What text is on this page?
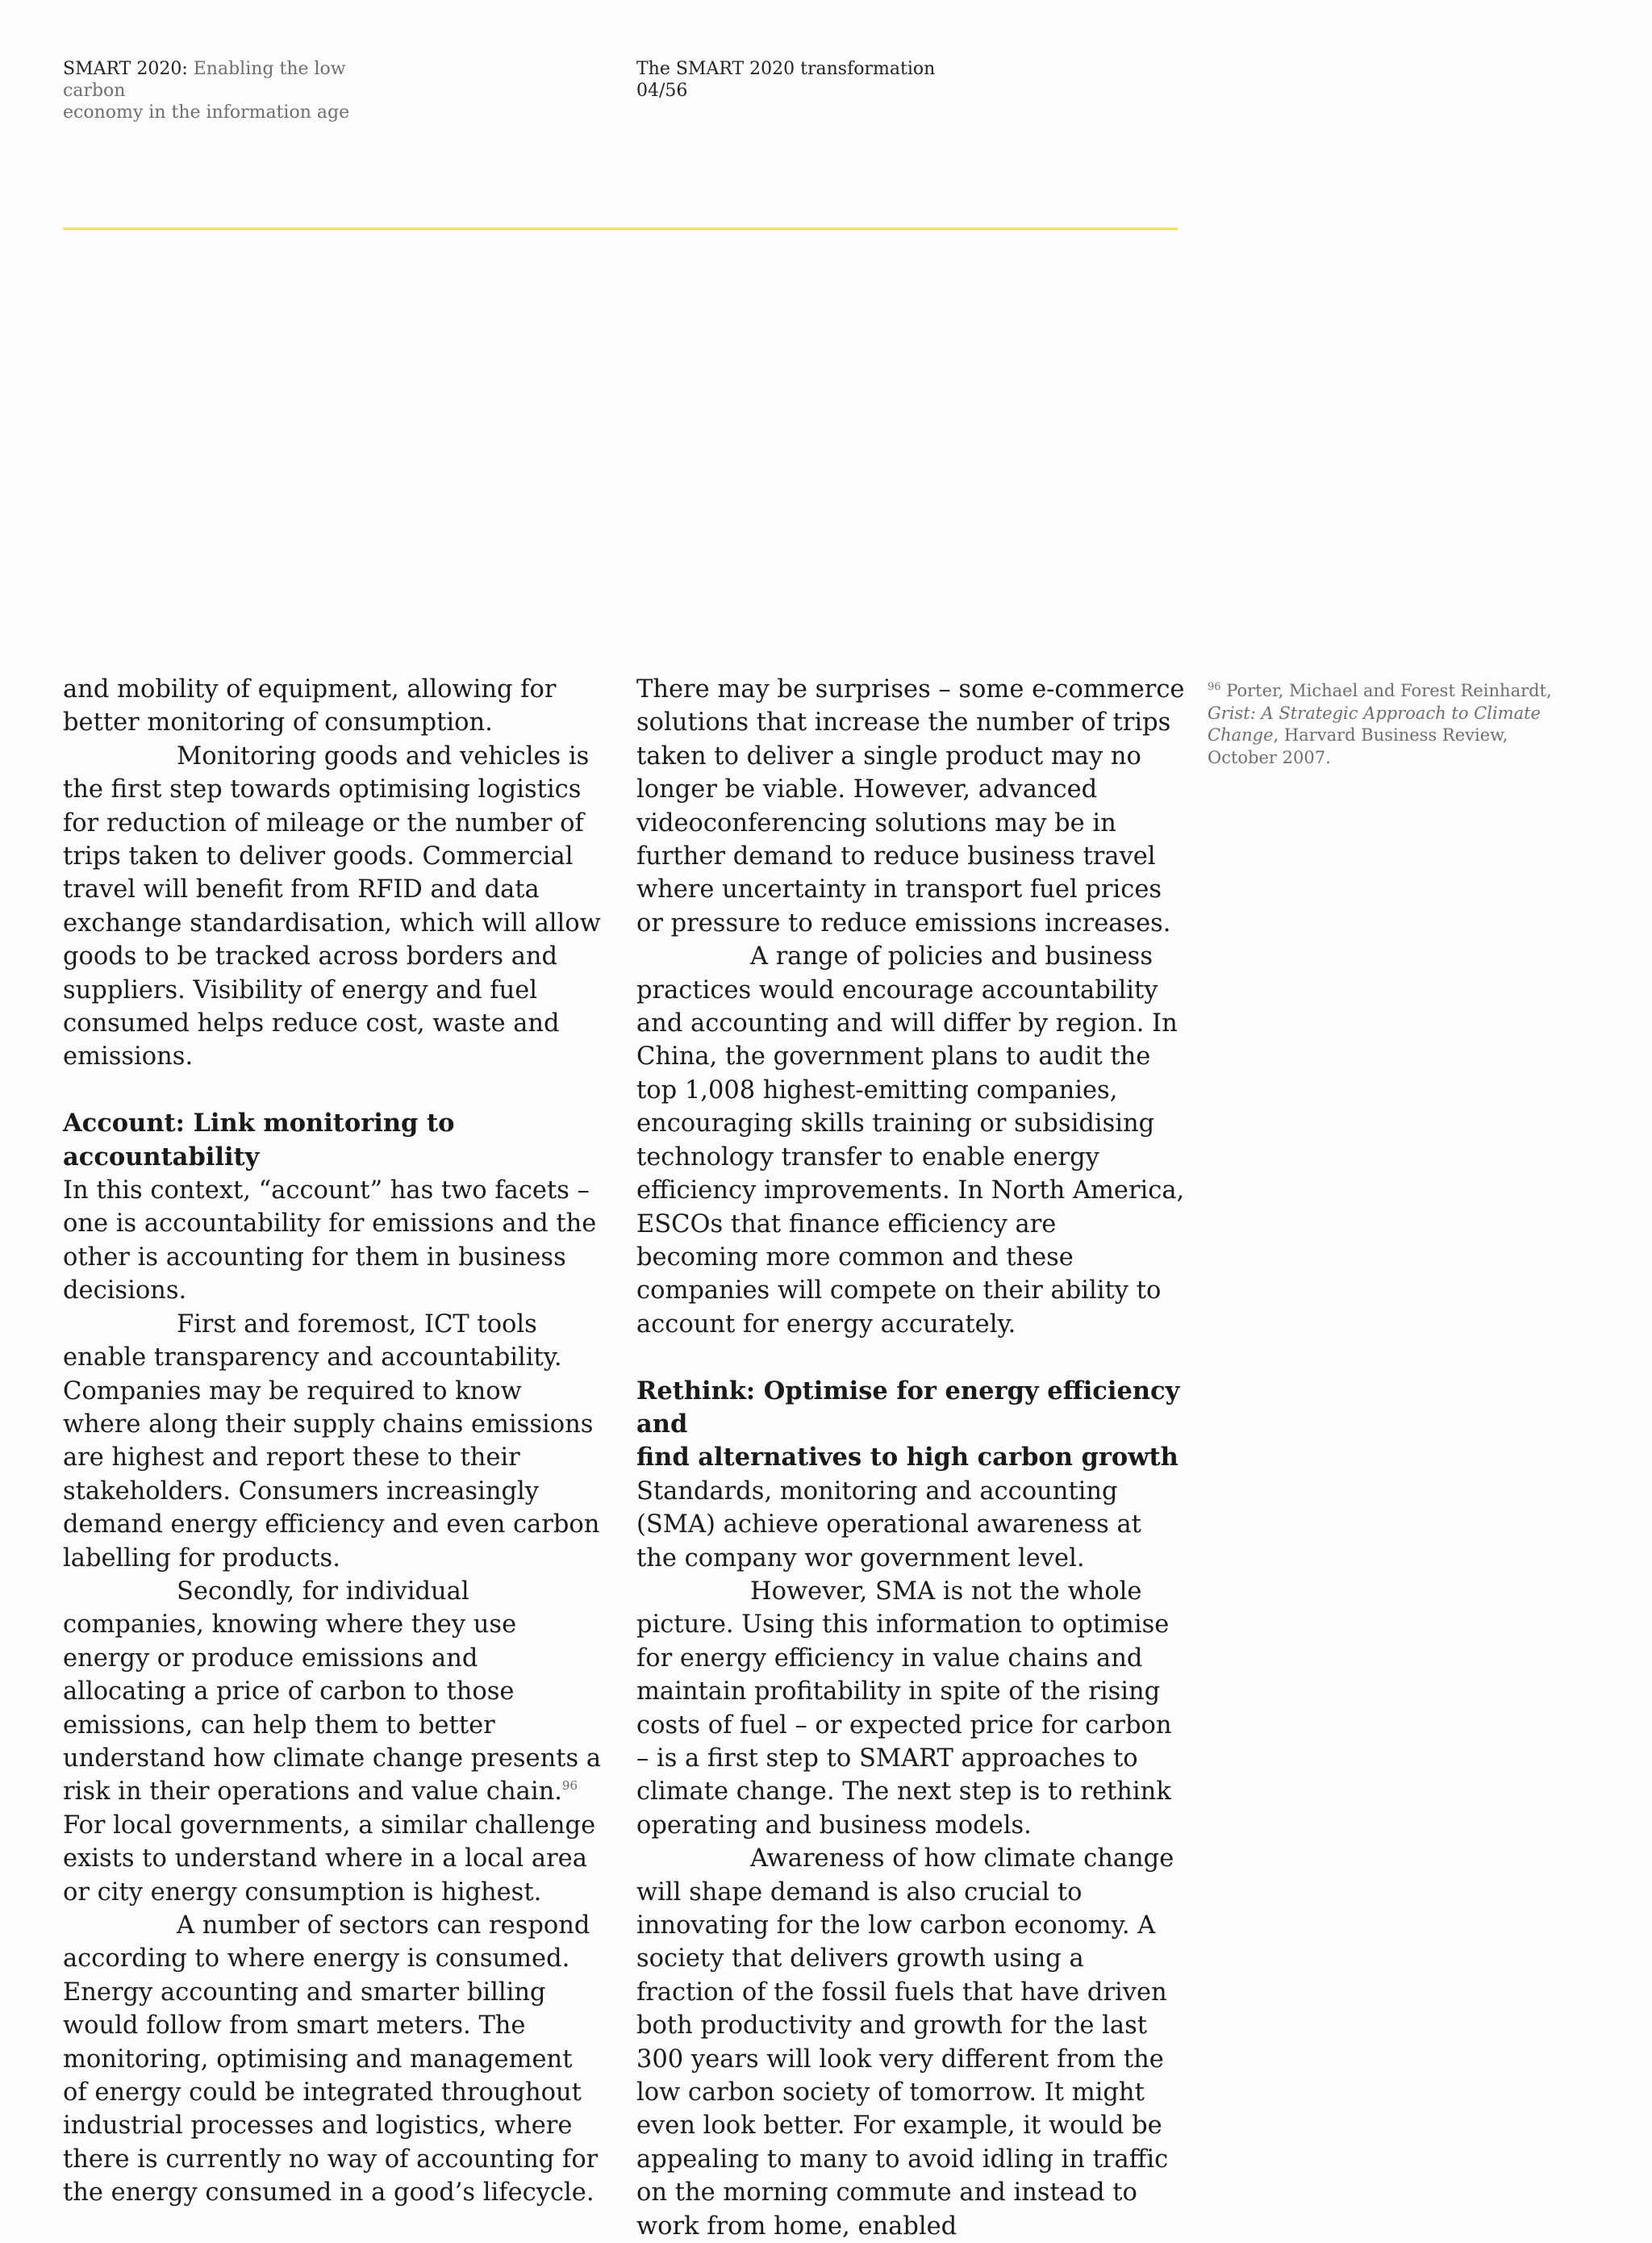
SMART 2020: Enabling the low carbon
economy in the information age
The SMART 2020 transformation
04/56

and mobility of equipment, allowing for better monitoring of consumption.

Monitoring goods and vehicles is the first step towards optimising logistics for reduction of mileage or the number of trips taken to deliver goods. Commercial travel will benefit from RFID and data exchange standardisation, which will allow goods to be tracked across borders and suppliers. Visibility of energy and fuel consumed helps reduce cost, waste and emissions.

Account: Link monitoring to accountability

In this context, “account” has two facets – one is accountability for emissions and the other is accounting for them in business decisions.

First and foremost, ICT tools enable transparency and accountability. Companies may be required to know where along their supply chains emissions are highest and report these to their stakeholders. Consumers increasingly demand energy efficiency and even carbon labelling for products.

Secondly, for individual companies, knowing where they use energy or produce emissions and allocating a price of carbon to those emissions, can help them to better understand how climate change presents a risk in their operations and value chain.$^{96}$ For local governments, a similar challenge exists to understand where in a local area or city energy consumption is highest.

A number of sectors can respond according to where energy is consumed. Energy accounting and smarter billing would follow from smart meters. The monitoring, optimising and management of energy could be integrated throughout industrial processes and logistics, where there is currently no way of accounting for the energy consumed in a good’s lifecycle.

There may be surprises – some e-commerce solutions that increase the number of trips taken to deliver a single product may no longer be viable. However, advanced videoconferencing solutions may be in further demand to reduce business travel where uncertainty in transport fuel prices or pressure to reduce emissions increases.

A range of policies and business practices would encourage accountability and accounting and will differ by region. In China, the government plans to audit the top 1,008 highest-emitting companies, encouraging skills training or subsidising technology transfer to enable energy efficiency improvements. In North America, ESCOs that finance efficiency are becoming more common and these companies will compete on their ability to account for energy accurately.

Rethink: Optimise for energy efficiency and
find alternatives to high carbon growth

Standards, monitoring and accounting (SMA) achieve operational awareness at the company wor government level.

However, SMA is not the whole picture. Using this information to optimise for energy efficiency in value chains and maintain profitability in spite of the rising costs of fuel – or expected price for carbon – is a first step to SMART approaches to climate change. The next step is to rethink operating and business models.

Awareness of how climate change will shape demand is also crucial to innovating for the low carbon economy. A society that delivers growth using a fraction of the fossil fuels that have driven both productivity and growth for the last 300 years will look very different from the low carbon society of tomorrow. It might even look better. For example, it would be appealing to many to avoid idling in traffic on the morning commute and instead to work from home, enabled

$^{96}$ Porter, Michael and Forest Reinhardt, Grist: A Strategic Approach to Climate Change, Harvard Business Review, October 2007.
